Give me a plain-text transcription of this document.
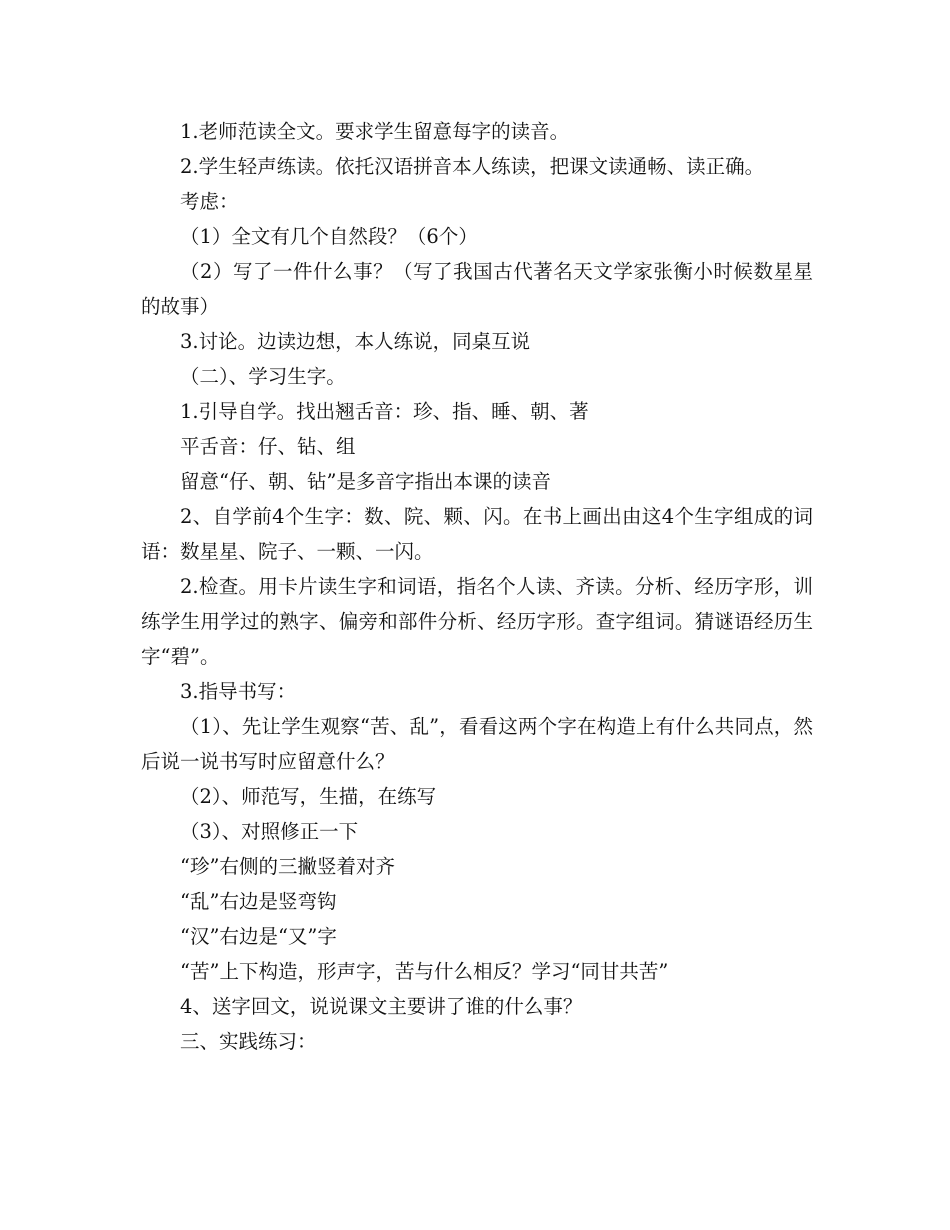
1.老师范读全文。要求学生留意每字的读音。

2.学生轻声练读。依托汉语拼音本人练读，把课文读通畅、读正确。

考虑：

（1）全文有几个自然段？（6个）

（2）写了一件什么事？（写了我国古代著名天文学家张衡小时候数星星的故事）

3.讨论。边读边想，本人练说，同桌互说

（二）、学习生字。

1.引导自学。找出翘舌音：珍、指、睡、朝、著

平舌音：仔、钻、组

留意“仔、朝、钻”是多音字指出本课的读音

2、自学前4个生字：数、院、颗、闪。在书上画出由这4个生字组成的词语：数星星、院子、一颗、一闪。

2.检查。用卡片读生字和词语，指名个人读、齐读。分析、经历字形，训练学生用学过的熟字、偏旁和部件分析、经历字形。查字组词。猜谜语经历生字“碧”。

3.指导书写：

（1）、先让学生观察“苦、乱”，看看这两个字在构造上有什么共同点，然后说一说书写时应留意什么？

（2）、师范写，生描，在练写

（3）、对照修正一下

“珍”右侧的三撇竖着对齐

“乱”右边是竖弯钩

“汉”右边是“又”字

“苦”上下构造，形声字，苦与什么相反？学习“同甘共苦”

4、送字回文，说说课文主要讲了谁的什么事？

三、实践练习：
